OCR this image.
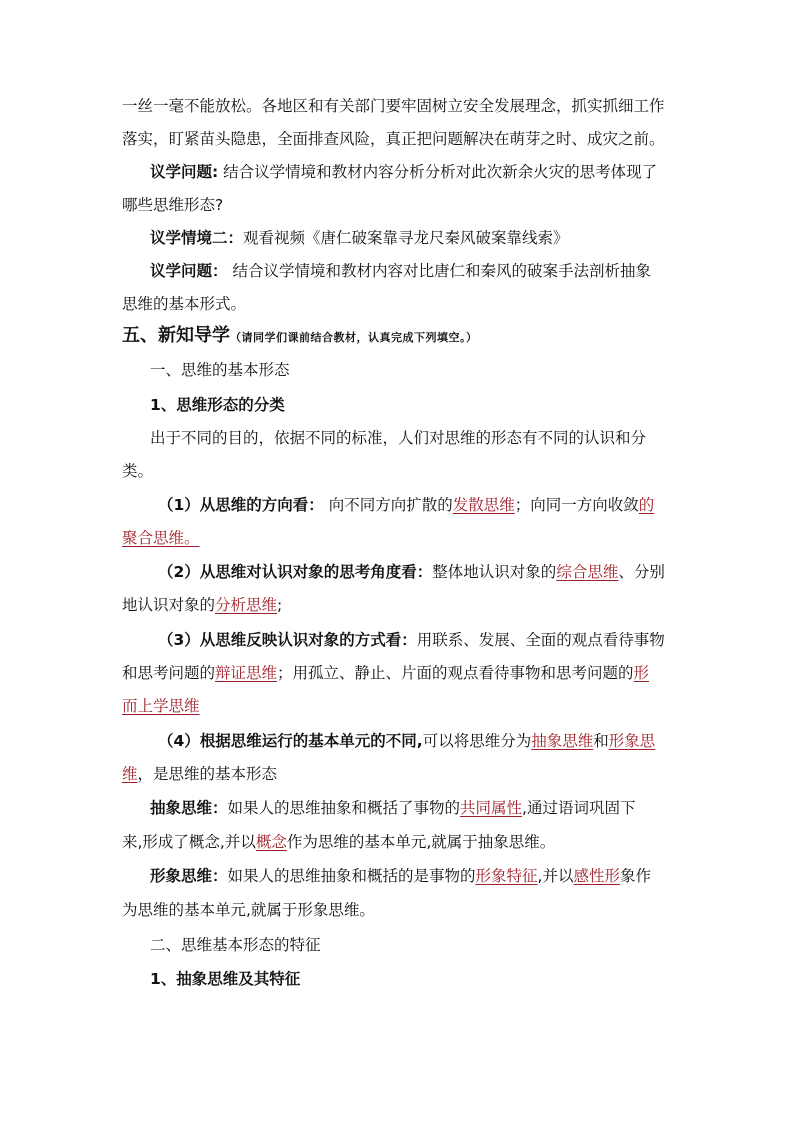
一丝一毫不能放松。各地区和有关部门要牢固树立安全发展理念，抓实抓细工作
落实，盯紧苗头隐患，全面排查风险，真正把问题解决在萌芽之时、成灾之前。
议学问题: 结合议学情境和教材内容分析分析对此次新余火灾的思考体现了
哪些思维形态?
议学情境二：观看视频《唐仁破案靠寻龙尺秦风破案靠线索》
议学问题： 结合议学情境和教材内容对比唐仁和秦风的破案手法剖析抽象
思维的基本形式。
五、新知导学（请同学们课前结合教材，认真完成下列填空。）
一、思维的基本形态
1、思维形态的分类
出于不同的目的，依据不同的标准，人们对思维的形态有不同的认识和分
类。
（1）从思维的方向看： 向不同方向扩散的发散思维；向同一方向收敛的
聚合思维。
（2）从思维对认识对象的思考角度看：整体地认识对象的综合思维、分别
地认识对象的分析思维;
（3）从思维反映认识对象的方式看：用联系、发展、全面的观点看待事物
和思考问题的辩证思维；用孤立、静止、片面的观点看待事物和思考问题的形
而上学思维
（4）根据思维运行的基本单元的不同,可以将思维分为抽象思维和形象思
维，是思维的基本形态
抽象思维：如果人的思维抽象和概括了事物的共同属性,通过语词巩固下
来,形成了概念,并以概念作为思维的基本单元,就属于抽象思维。
形象思维：如果人的思维抽象和概括的是事物的形象特征,并以感性形象作
为思维的基本单元,就属于形象思维。
二、思维基本形态的特征
1、抽象思维及其特征
